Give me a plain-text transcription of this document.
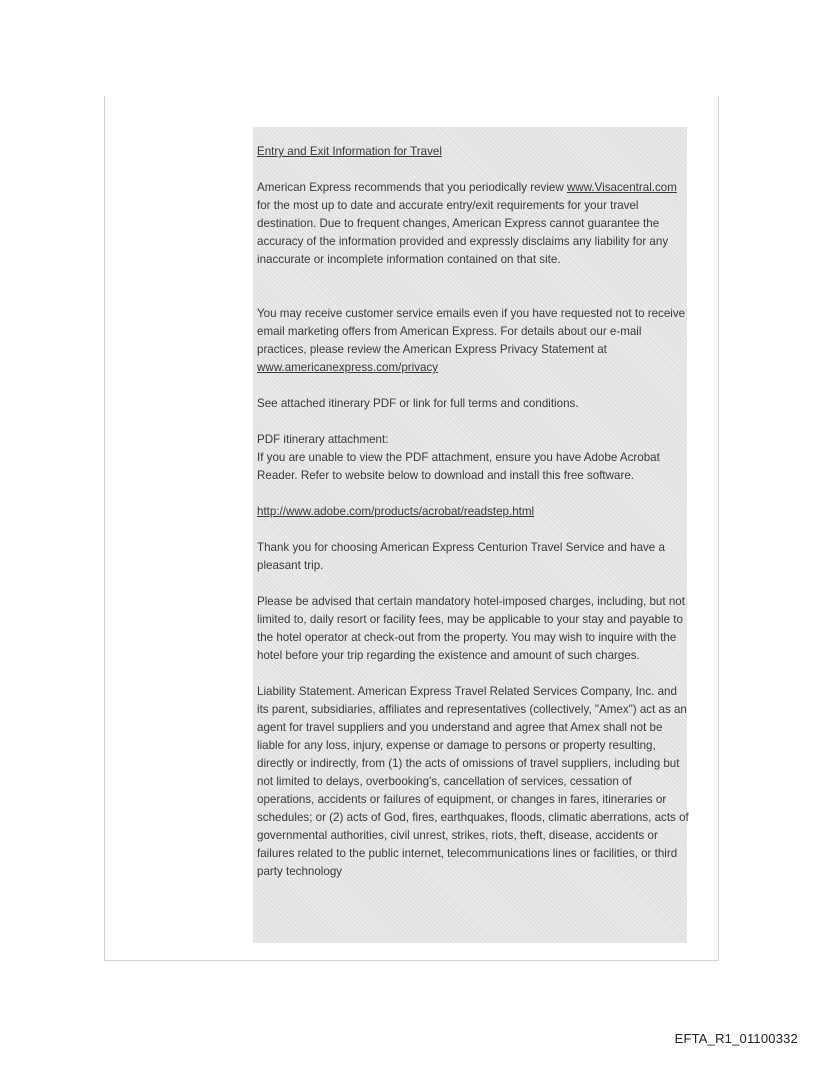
Entry and Exit Information for Travel

American Express recommends that you periodically review www.Visacentral.com for the most up to date and accurate entry/exit requirements for your travel destination. Due to frequent changes, American Express cannot guarantee the accuracy of the information provided and expressly disclaims any liability for any inaccurate or incomplete information contained on that site.

You may receive customer service emails even if you have requested not to receive email marketing offers from American Express. For details about our e-mail practices, please review the American Express Privacy Statement at www.americanexpress.com/privacy

See attached itinerary PDF or link for full terms and conditions.

PDF itinerary attachment:
If you are unable to view the PDF attachment, ensure you have Adobe Acrobat Reader. Refer to website below to download and install this free software.

http://www.adobe.com/products/acrobat/readstep.html

Thank you for choosing American Express Centurion Travel Service and have a pleasant trip.

Please be advised that certain mandatory hotel-imposed charges, including, but not limited to, daily resort or facility fees, may be applicable to your stay and payable to the hotel operator at check-out from the property. You may wish to inquire with the hotel before your trip regarding the existence and amount of such charges.

Liability Statement. American Express Travel Related Services Company, Inc. and its parent, subsidiaries, affiliates and representatives (collectively, "Amex") act as an agent for travel suppliers and you understand and agree that Amex shall not be liable for any loss, injury, expense or damage to persons or property resulting, directly or indirectly, from (1) the acts of omissions of travel suppliers, including but not limited to delays, overbooking's, cancellation of services, cessation of operations, accidents or failures of equipment, or changes in fares, itineraries or schedules; or (2) acts of God, fires, earthquakes, floods, climatic aberrations, acts of governmental authorities, civil unrest, strikes, riots, theft, disease, accidents or failures related to the public internet, telecommunications lines or facilities, or third party technology

EFTA_R1_01100332
